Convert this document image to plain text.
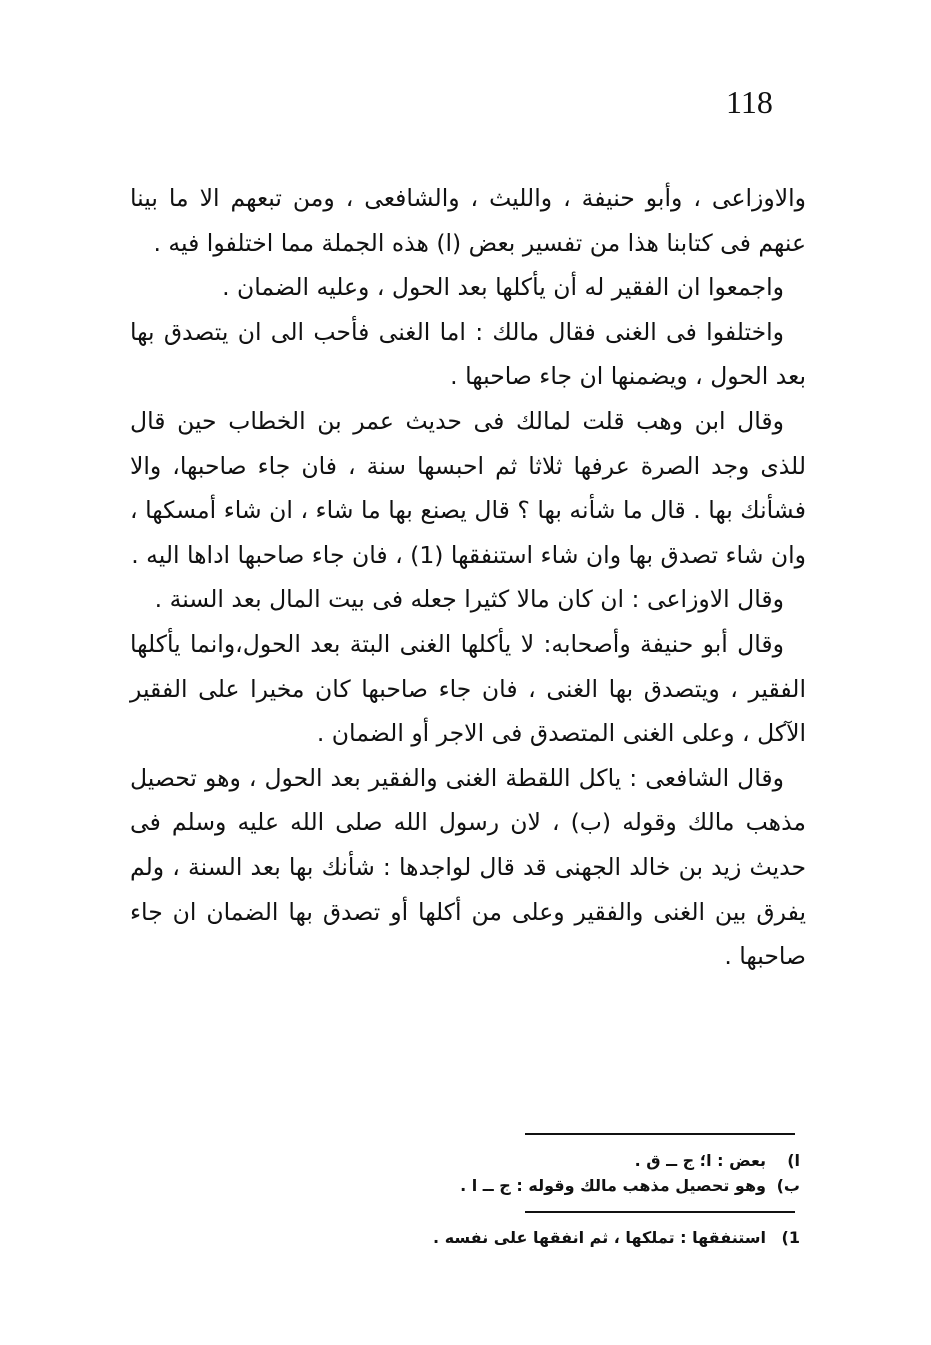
118

والاوزاعى ، وأبو حنيفة ، والليث ، والشافعى ، ومن تبعهم الا ما بينا عنهم فى كتابنا هذا من تفسير بعض (ا) هذه الجملة مما اختلفوا فيه .

واجمعوا ان الفقير له أن يأكلها بعد الحول ، وعليه الضمان .

واختلفوا فى الغنى فقال مالك : اما الغنى فأحب الى ان يتصدق بها بعد الحول ، ويضمنها ان جاء صاحبها .

وقال ابن وهب قلت لمالك فى حديث عمر بن الخطاب حين قال للذى وجد الصرة عرفها ثلاثا ثم احبسها سنة ، فان جاء صاحبها، والا فشأنك بها . قال ما شأنه بها ؟ قال يصنع بها ما شاء ، ان شاء أمسكها ، وان شاء تصدق بها وان شاء استنفقها (1) ، فان جاء صاحبها اداها اليه .

وقال الاوزاعى : ان كان مالا كثيرا جعله فى بيت المال بعد السنة .

وقال أبو حنيفة وأصحابه: لا يأكلها الغنى البتة بعد الحول،وانما يأكلها الفقير ، ويتصدق بها الغنى ، فان جاء صاحبها كان مخيرا على الفقير الآكل ، وعلى الغنى المتصدق فى الاجر أو الضمان .

وقال الشافعى : ياكل اللقطة الغنى والفقير بعد الحول ، وهو تحصيل مذهب مالك وقوله (ب) ، لان رسول الله صلى الله عليه وسلم فى حديث زيد بن خالد الجهنى قد قال لواجدها : شأنك بها بعد السنة ، ولم يفرق بين الغنى والفقير وعلى من أكلها أو تصدق بها الضمان ان جاء صاحبها .

ا)
بعض : ا؛ ج ــ ق .
ب)
وهو تحصيل مذهب مالك وقوله : ج ــ ا .
1)
استنفقها : تملكها ، ثم انفقها على نفسه .
